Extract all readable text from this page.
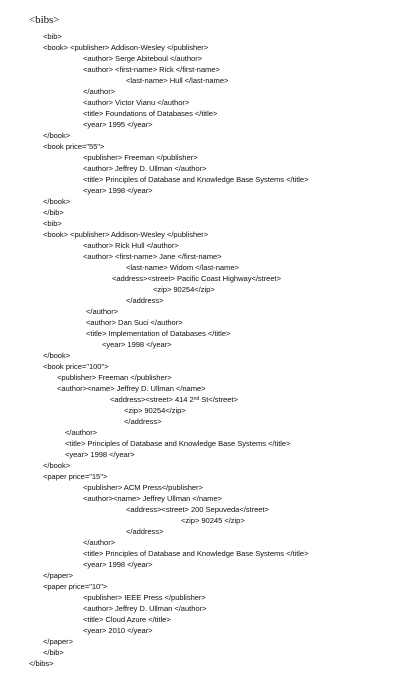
<bibs>
<bib>
<book> <publisher> Addison-Wesley </publisher>
<author> Serge Abiteboul </author>
<author> <first-name> Rick </first-name>
<last-name> Hull </last-name>
</author>
<author> Victor Vianu </author>
<title> Foundations of Databases </title>
<year> 1995 </year>
</book>
<book price="55">
<publisher> Freeman </publisher>
<author> Jeffrey D. Ullman </author>
<title> Principles of Database and Knowledge Base Systems </title>
<year> 1998 </year>
</book>
</bib>
<bib>
<book> <publisher> Addison-Wesley </publisher>
<author> Rick Hull </author>
<author> <first-name> Jane </first-name>
<last-name> Widom </last-name>
<address><street> Pacific Coast Highway</street>
<zip> 90254</zip>
</address>
</author>
<author> Dan Suci </author>
<title> Implementation of Databases </title>
<year> 1998 </year>
</book>
<book price="100">
<publisher> Freeman </publisher>
<author><name> Jeffrey D. Ullman </name>
<address><street> 414 2nd St</street>
<zip> 90254</zip>
</address>
</author>
<title> Principles of Database and Knowledge Base Systems </title>
<year> 1998 </year>
</book>
<paper price="15">
<publisher> ACM Press</publisher>
<author><name> Jeffrey Ullman </name>
<address><street> 200 Sepuveda</street>
<zip> 90245 </zip>
</address>
</author>
<title> Principles of Database and Knowledge Base Systems </title>
<year> 1998 </year>
</paper>
<paper price="10">
<publisher> IEEE Press </publisher>
<author> Jeffrey D. Ullman </author>
<title> Cloud Azure </title>
<year> 2010 </year>
</paper>
</bib>
</bibs>
